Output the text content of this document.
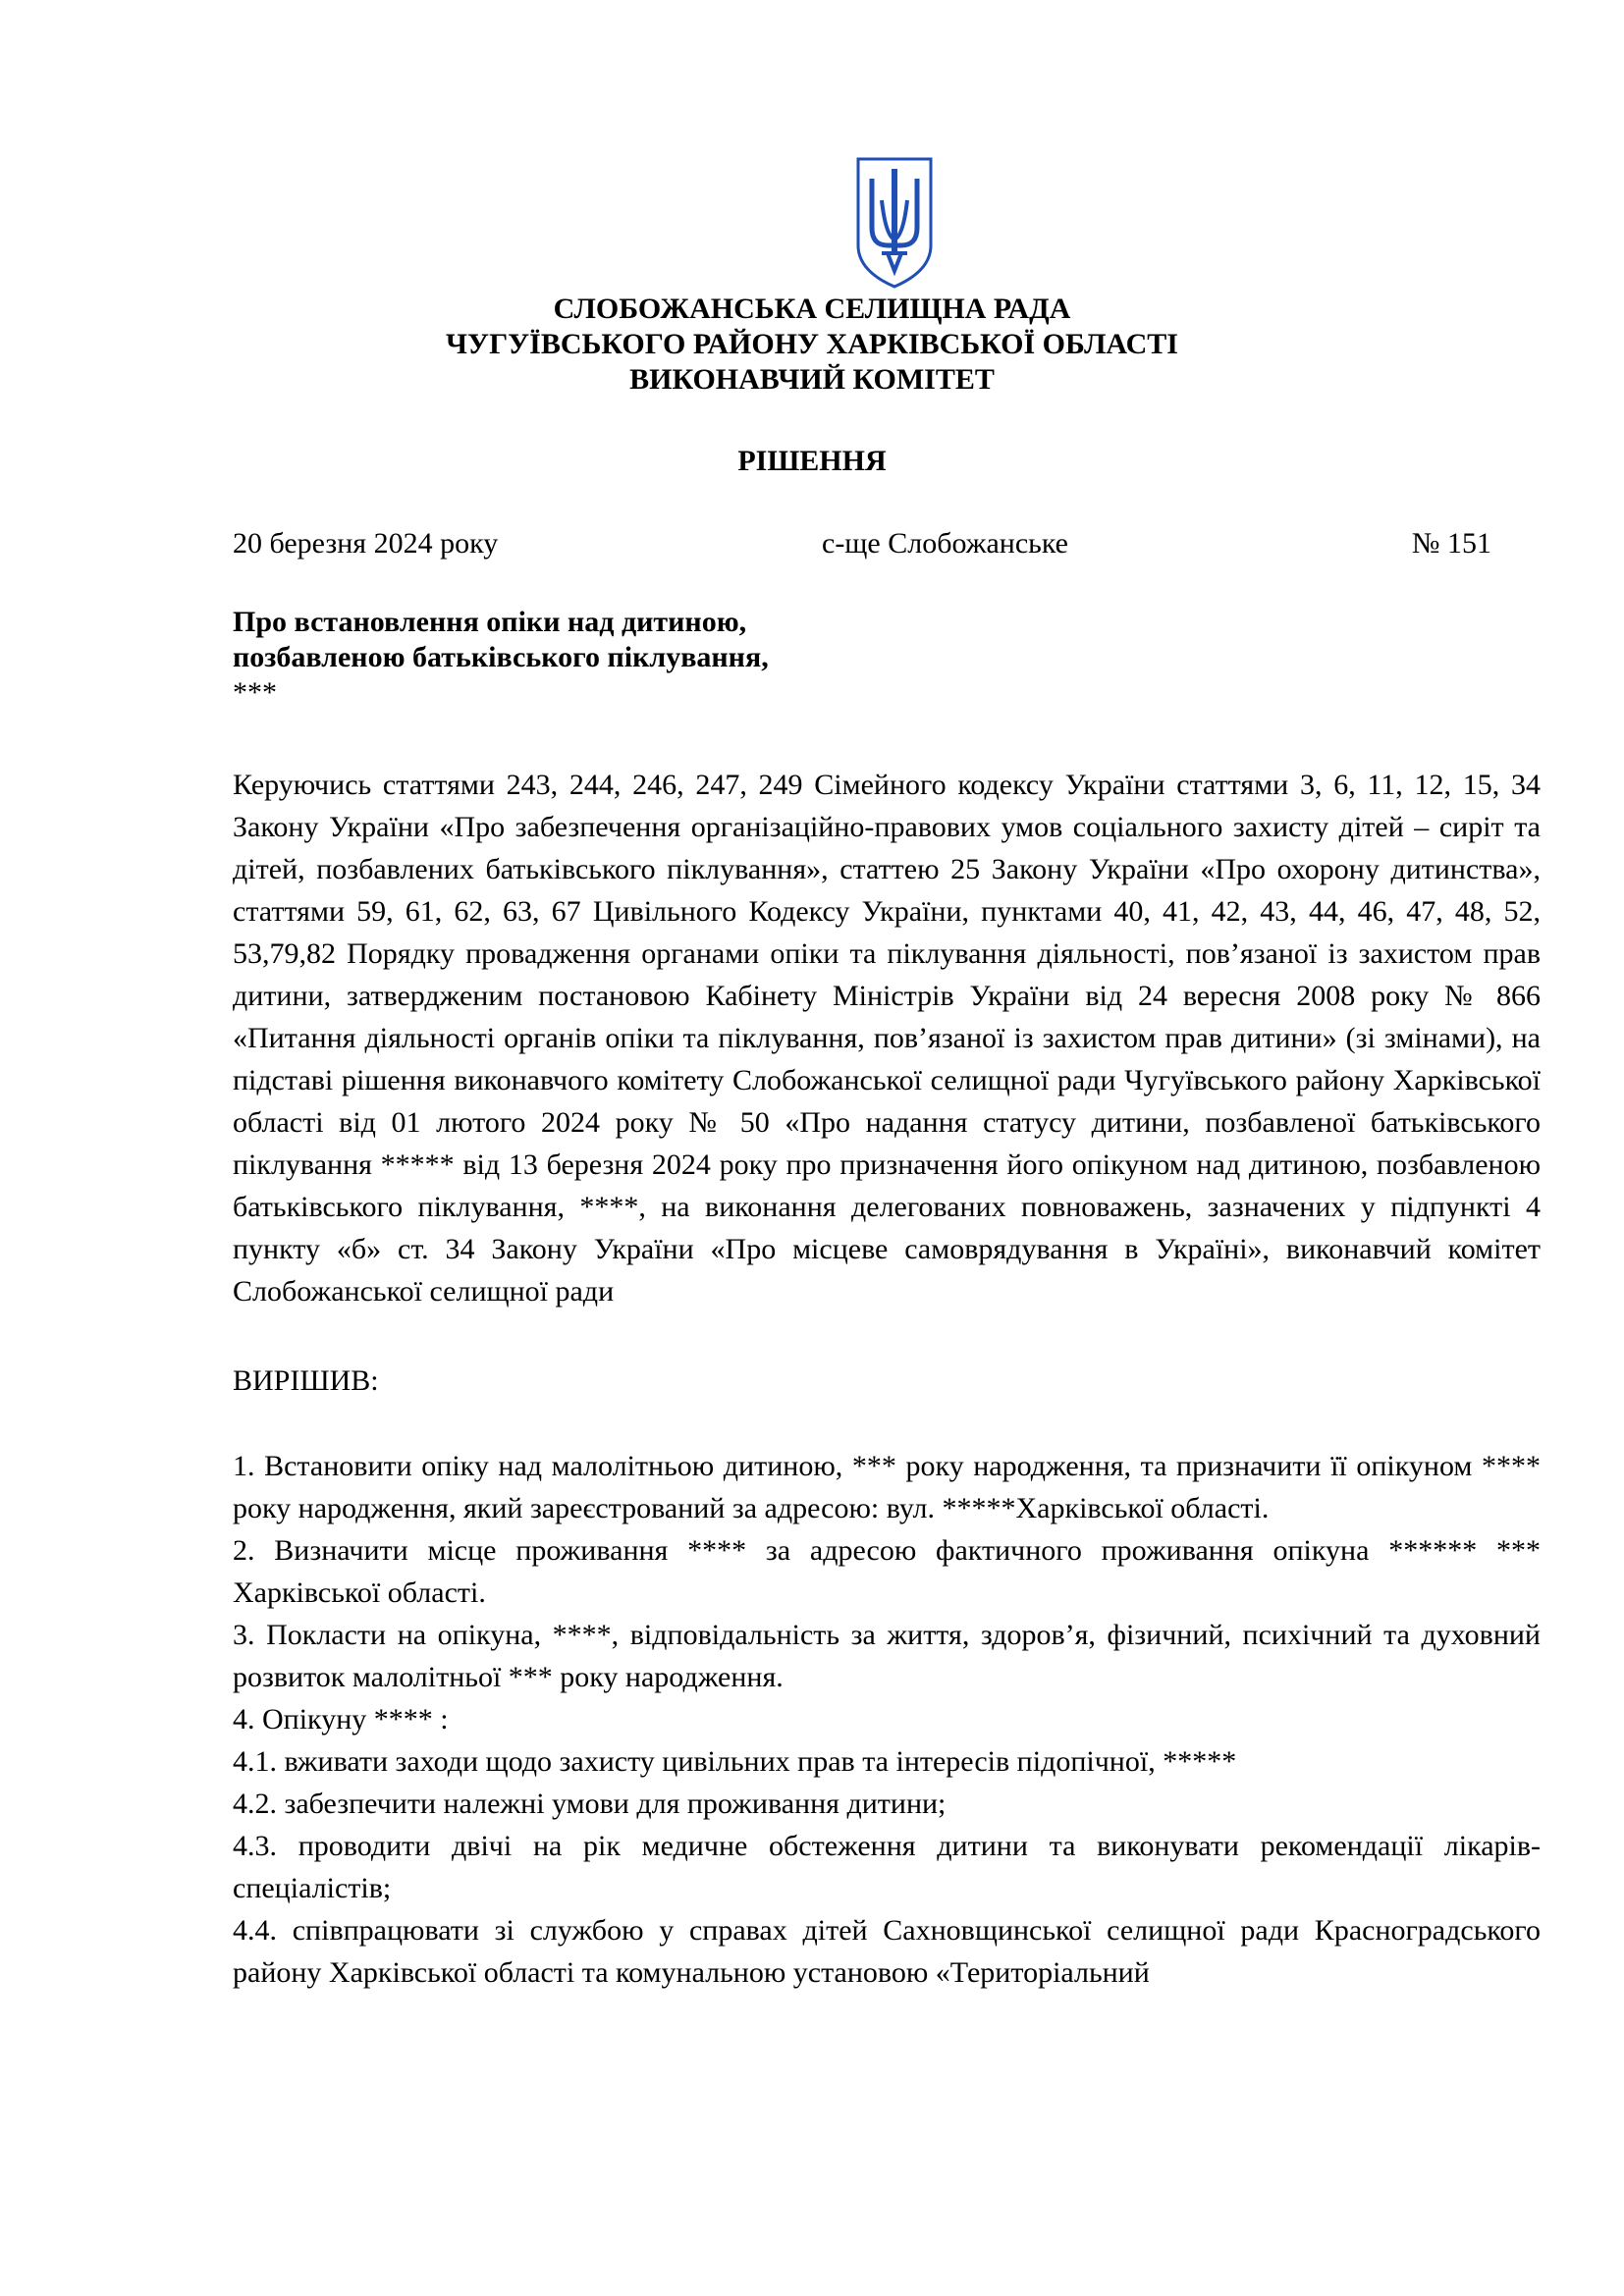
СЛОБОЖАНСЬКА СЕЛИЩНА РАДА
ЧУГУЇВСЬКОГО РАЙОНУ ХАРКІВСЬКОЇ ОБЛАСТІ
ВИКОНАВЧИЙ КОМІТЕТ
РІШЕННЯ
20 березня 2024 року	с-ще Слобожанське	№ 151
Про встановлення опіки над дитиною,
позбавленою батьківського піклування,
***

Керуючись статтями 243, 244, 246, 247, 249 Сімейного кодексу України статтями 3, 6, 11, 12, 15, 34 Закону України «Про забезпечення організаційно-правових умов соціального захисту дітей – сиріт та дітей, позбавлених батьківського піклування», статтею 25 Закону України «Про охорону дитинства», статтями 59, 61, 62, 63, 67 Цивільного Кодексу України, пунктами 40, 41, 42, 43, 44, 46, 47, 48, 52, 53,79,82 Порядку провадження органами опіки та піклування діяльності, пов’язаної із захистом прав дитини, затвердженим постановою Кабінету Міністрів України від 24 вересня 2008 року № 866 «Питання діяльності органів опіки та піклування, пов’язаної із захистом прав дитини» (зі змінами), на підставі рішення виконавчого комітету Слобожанської селищної ради Чугуївського району Харківської області від 01 лютого 2024 року № 50 «Про надання статусу дитини, позбавленої батьківського піклування ***** від 13 березня 2024 року про призначення його опікуном над дитиною, позбавленою батьківського піклування, ****, на виконання делегованих повноважень, зазначених у підпункті 4 пункту «б» ст. 34 Закону України «Про місцеве самоврядування в Україні», виконавчий комітет Слобожанської селищної ради

ВИРІШИВ:

1. Встановити опіку над малолітньою дитиною, *** року народження, та призначити її опікуном **** року народження, який зареєстрований за адресою: вул. *****Харківської області.

2. Визначити місце проживання **** за адресою фактичного проживання опікуна ****** *** Харківської області.

3. Покласти на опікуна, ****, відповідальність за життя, здоров’я, фізичний, психічний та духовний розвиток малолітньої *** року народження.

4. Опікуну **** :

4.1. вживати заходи щодо захисту цивільних прав та інтересів підопічної, *****

4.2. забезпечити належні умови для проживання дитини;

4.3. проводити двічі на рік медичне обстеження дитини та виконувати рекомендації лікарів-спеціалістів;

4.4. співпрацювати зі службою у справах дітей Сахновщинської селищної ради Красноградського району Харківської області та комунальною установою «Територіальний
